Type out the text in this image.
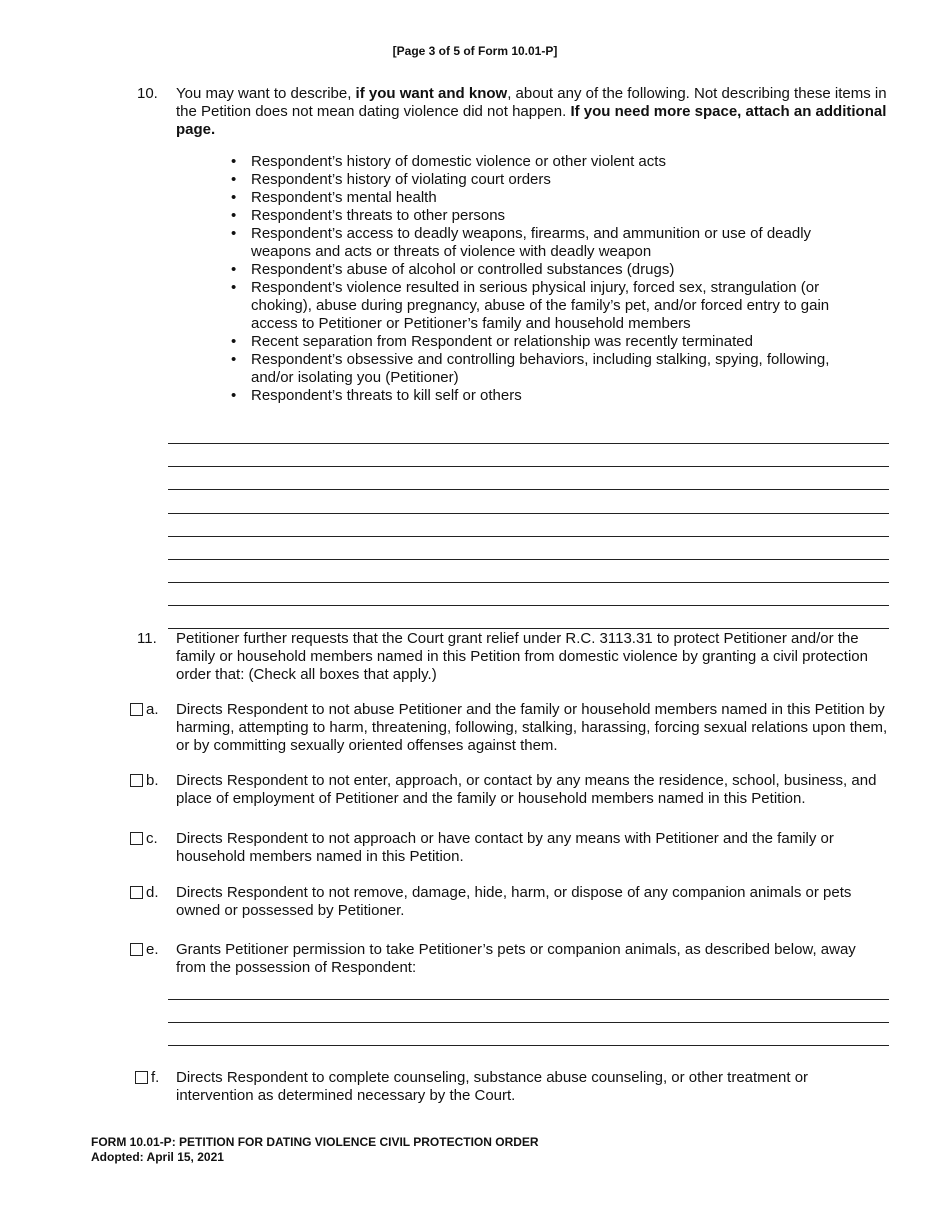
[Page 3 of 5 of Form 10.01-P]
10. You may want to describe, if you want and know, about any of the following. Not describing these items in the Petition does not mean dating violence did not happen. If you need more space, attach an additional page.
• Respondent’s history of domestic violence or other violent acts
• Respondent’s history of violating court orders
• Respondent’s mental health
• Respondent’s threats to other persons
• Respondent’s access to deadly weapons, firearms, and ammunition or use of deadly weapons and acts or threats of violence with deadly weapon
• Respondent’s abuse of alcohol or controlled substances (drugs)
• Respondent’s violence resulted in serious physical injury, forced sex, strangulation (or choking), abuse during pregnancy, abuse of the family’s pet, and/or forced entry to gain access to Petitioner or Petitioner’s family and household members
• Recent separation from Respondent or relationship was recently terminated
• Respondent’s obsessive and controlling behaviors, including stalking, spying, following, and/or isolating you (Petitioner)
• Respondent’s threats to kill self or others
11. Petitioner further requests that the Court grant relief under R.C. 3113.31 to protect Petitioner and/or the family or household members named in this Petition from domestic violence by granting a civil protection order that: (Check all boxes that apply.)
a. Directs Respondent to not abuse Petitioner and the family or household members named in this Petition by harming, attempting to harm, threatening, following, stalking, harassing, forcing sexual relations upon them, or by committing sexually oriented offenses against them.
b. Directs Respondent to not enter, approach, or contact by any means the residence, school, business, and place of employment of Petitioner and the family or household members named in this Petition.
c. Directs Respondent to not approach or have contact by any means with Petitioner and the family or household members named in this Petition.
d. Directs Respondent to not remove, damage, hide, harm, or dispose of any companion animals or pets owned or possessed by Petitioner.
e. Grants Petitioner permission to take Petitioner’s pets or companion animals, as described below, away from the possession of Respondent:
f. Directs Respondent to complete counseling, substance abuse counseling, or other treatment or intervention as determined necessary by the Court.
FORM 10.01-P: PETITION FOR DATING VIOLENCE CIVIL PROTECTION ORDER
Adopted: April 15, 2021
